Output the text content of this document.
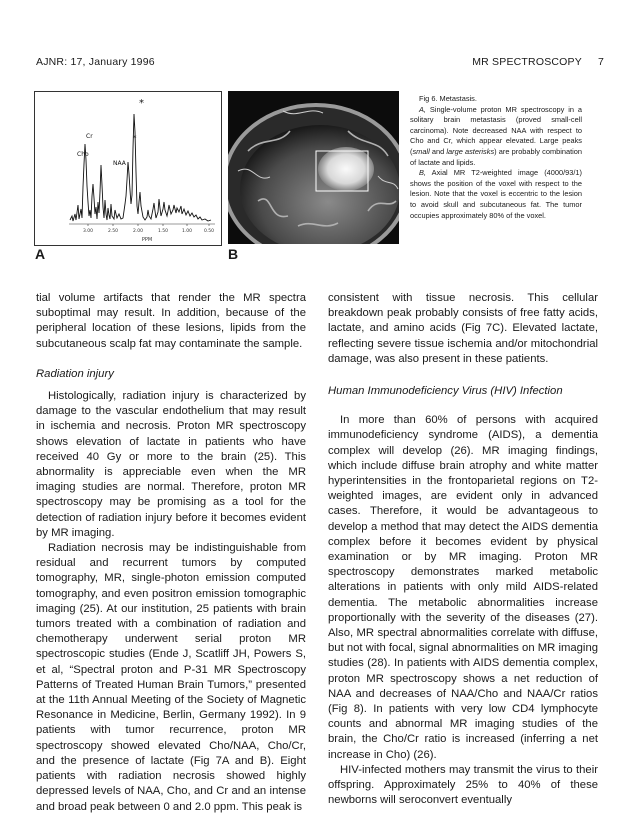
AJNR: 17, January 1996	MR SPECTROSCOPY 7
*
*
Cr
Cho
NAA
3.00	2.50	2.00	1.50	1.00	0.50
PPM
A	B

Fig 6. Metastasis.

A, Single-volume proton MR spectroscopy in a solitary brain metastasis (proved small-cell carcinoma). Note decreased NAA with respect to Cho and Cr, which appear elevated. Large peaks (small and large asterisks) are probably combination of lactate and lipids.

B, Axial MR T2-weighted image (4000/93/1) shows the position of the voxel with respect to the lesion. Note that the voxel is eccentric to the lesion to avoid skull and subcutaneous fat. The tumor occupies approximately 80% of the voxel.

tial volume artifacts that render the MR spectra suboptimal may result. In addition, because of the peripheral location of these lesions, lipids from the subcutaneous scalp fat may contaminate the sample.

Radiation injury

Histologically, radiation injury is characterized by damage to the vascular endothelium that may result in ischemia and necrosis. Proton MR spectroscopy shows elevation of lactate in patients who have received 40 Gy or more to the brain (25). This abnormality is appreciable even when the MR imaging studies are normal. Therefore, proton MR spectroscopy may be promising as a tool for the detection of radiation injury before it becomes evident by MR imaging.

Radiation necrosis may be indistinguishable from residual and recurrent tumors by computed tomography, MR, single-photon emission computed tomography, and even positron emission tomographic imaging (25). At our institution, 25 patients with brain tumors treated with a combination of radiation and chemotherapy underwent serial proton MR spectroscopic studies (Ende J, Scatliff JH, Powers S, et al, “Spectral proton and P-31 MR Spectroscopy Patterns of Treated Human Brain Tumors,” presented at the 11th Annual Meeting of the Society of Magnetic Resonance in Medicine, Berlin, Germany 1992). In 9 patients with tumor recurrence, proton MR spectroscopy showed elevated Cho/NAA, Cho/Cr, and the presence of lactate (Fig 7A and B). Eight patients with radiation necrosis showed highly depressed levels of NAA, Cho, and Cr and an intense and broad peak between 0 and 2.0 ppm. This peak is

consistent with tissue necrosis. This cellular breakdown peak probably consists of free fatty acids, lactate, and amino acids (Fig 7C). Elevated lactate, reflecting severe tissue ischemia and/or mitochondrial damage, was also present in these patients.

Human Immunodeficiency Virus (HIV) Infection

In more than 60% of persons with acquired immunodeficiency syndrome (AIDS), a dementia complex will develop (26). MR imaging findings, which include diffuse brain atrophy and white matter hyperintensities in the frontoparietal regions on T2-weighted images, are evident only in advanced cases. Therefore, it would be advantageous to develop a method that may detect the AIDS dementia complex before it becomes evident by physical examination or by MR imaging. Proton MR spectroscopy demonstrates marked metabolic alterations in patients with only mild AIDS-related dementia. The metabolic abnormalities increase proportionally with the severity of the diseases (27). Also, MR spectral abnormalities correlate with diffuse, but not with focal, signal abnormalities on MR imaging studies (28). In patients with AIDS dementia complex, proton MR spectroscopy shows a net reduction of NAA and decreases of NAA/Cho and NAA/Cr ratios (Fig 8). In patients with very low CD4 lymphocyte counts and abnormal MR imaging studies of the brain, the Cho/Cr ratio is increased (inferring a net increase in Cho) (26).

HIV-infected mothers may transmit the virus to their offspring. Approximately 25% to 40% of these newborns will seroconvert eventually
